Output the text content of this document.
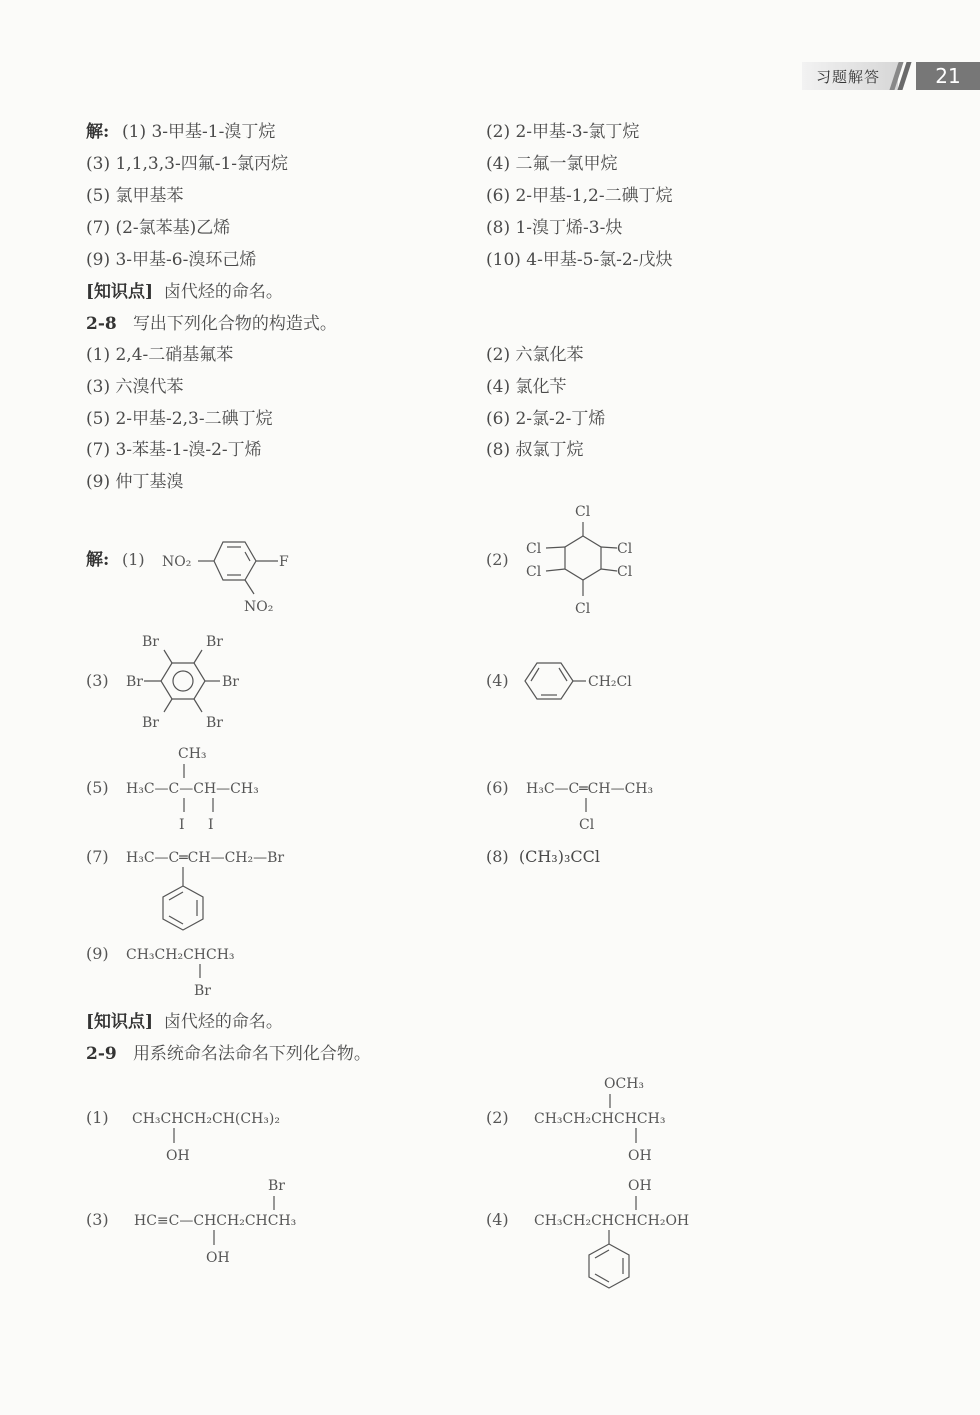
习题解答	21
解: (1) 3-甲基-1-溴丁烷	(2) 2-甲基-3-氯丁烷
(3) 1,1,3,3-四氟-1-氯丙烷	(4) 二氟一氯甲烷
(5) 氯甲基苯	(6) 2-甲基-1,2-二碘丁烷
(7) (2-氯苯基)乙烯	(8) 1-溴丁烯-3-炔
(9) 3-甲基-6-溴环己烯	(10) 4-甲基-5-氯-2-戊炔
[知识点] 卤代烃的命名。
2-8 写出下列化合物的构造式。
(1) 2,4-二硝基氟苯	(2) 六氯化苯
(3) 六溴代苯	(4) 氯化苄
(5) 2-甲基-2,3-二碘丁烷	(6) 2-氯-2-丁烯
(7) 3-苯基-1-溴-2-丁烯	(8) 叔氯丁烷
(9) 仲丁基溴
解: (1) NO₂	F
NO₂
(2)
Cl
Cl
Cl
Cl
Cl
Cl
(3)
Br	Br
Br	Br
Br	Br
(4)	CH₂Cl
CH₃
(5) H₃C—C—CH—CH₃
I I
(6) H₃C—C═CH—CH₃
Cl
(7) H₃C—C═CH—CH₂—Br	(8) (CH₃)₃CCl
(9) CH₃CH₂CHCH₃
Br
[知识点] 卤代烃的命名。
2-9 用系统命名法命名下列化合物。
(1) CH₃CHCH₂CH(CH₃)₂
OH
OCH₃
(2) CH₃CH₂CHCHCH₃
OH
Br
(3) HC≡C—CHCH₂CHCH₃
OH
OH
(4) CH₃CH₂CHCHCH₂OH
